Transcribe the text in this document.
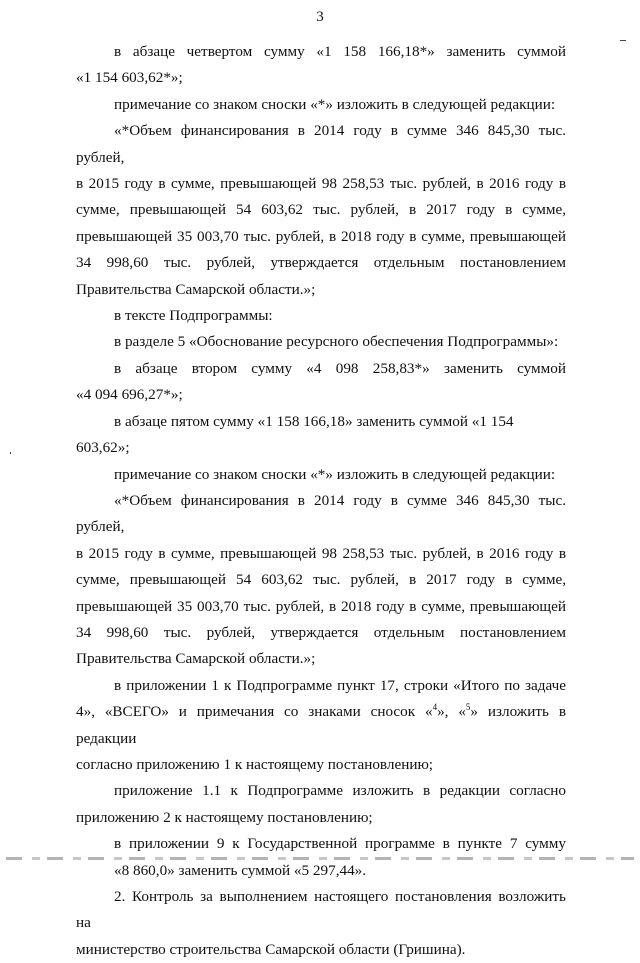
3

в абзаце четвертом сумму «1 158 166,18*» заменить суммой

«1 154 603,62*»;

примечание со знаком сноски «*» изложить в следующей редакции:

«*Объем финансирования в 2014 году в сумме 346 845,30 тыс. рублей,

в 2015 году в сумме, превышающей 98 258,53 тыс. рублей, в 2016 году в

сумме, превышающей 54 603,62 тыс. рублей, в 2017 году в сумме,

превышающей 35 003,70 тыс. рублей, в 2018 году в сумме, превышающей

34 998,60 тыс. рублей, утверждается отдельным постановлением

Правительства Самарской области.»;

в тексте Подпрограммы:

в разделе 5 «Обоснование ресурсного обеспечения Подпрограммы»:

в абзаце втором сумму «4 098 258,83*» заменить суммой

«4 094 696,27*»;

в абзаце пятом сумму «1 158 166,18» заменить суммой «1 154 603,62»;

примечание со знаком сноски «*» изложить в следующей редакции:

«*Объем финансирования в 2014 году в сумме 346 845,30 тыс. рублей,

в 2015 году в сумме, превышающей 98 258,53 тыс. рублей, в 2016 году в

сумме, превышающей 54 603,62 тыс. рублей, в 2017 году в сумме,

превышающей 35 003,70 тыс. рублей, в 2018 году в сумме, превышающей

34 998,60 тыс. рублей, утверждается отдельным постановлением

Правительства Самарской области.»;

в приложении 1 к Подпрограмме пункт 17, строки «Итого по задаче

4», «ВСЕГО» и примечания со знаками сносок «$^4$», «$^5$» изложить в редакции

согласно приложению 1 к настоящему постановлению;

приложение 1.1 к Подпрограмме изложить в редакции согласно

приложению 2 к настоящему постановлению;

в приложении 9 к Государственной программе в пункте 7 сумму

«8 860,0» заменить суммой «5 297,44».

2. Контроль за выполнением настоящего постановления возложить на

министерство строительства Самарской области (Гришина).
